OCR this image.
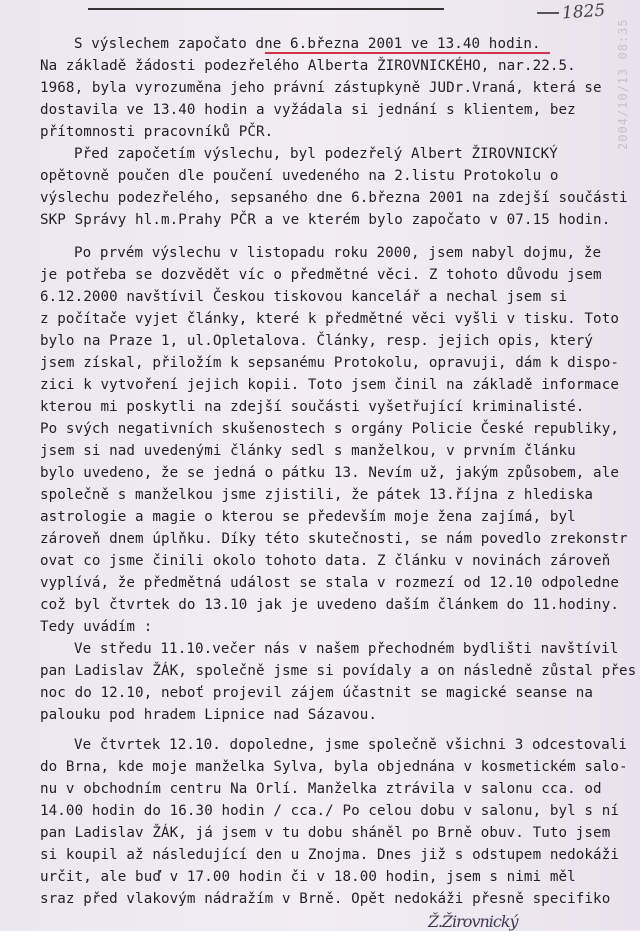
1825
2004/10/13 08:35
S výslechem započato dne 6.března 2001 ve 13.40 hodin.
Na základě žádosti podezřelého Alberta ŽIROVNICKÉHO, nar.22.5.
1968, byla vyrozuměna jeho právní zástupkyně JUDr.Vraná, která se
dostavila ve 13.40 hodin a vyžádala si jednání s klientem, bez
přítomnosti pracovníků PČR.
Před započetím výslechu, byl podezřelý Albert ŽIROVNICKÝ
opětovně poučen dle poučení uvedeného na 2.listu Protokolu o
výslechu podezřelého, sepsaného dne 6.března 2001 na zdejší součásti
SKP Správy hl.m.Prahy PČR a ve kterém bylo započato v 07.15 hodin.
Po prvém výslechu v listopadu roku 2000, jsem nabyl dojmu, že
je potřeba se dozvědět víc o předmětné věci. Z tohoto důvodu jsem
6.12.2000 navštívil Českou tiskovou kancelář a nechal jsem si
z počítače vyjet články, které k předmětné věci vyšli v tisku. Toto
bylo na Praze 1, ul.Opletalova. Články, resp. jejich opis, který
jsem získal, přiložím k sepsanému Protokolu, opravuji, dám k dispo-
zici k vytvoření jejich kopii. Toto jsem činil na základě informace
kterou mi poskytli na zdejší součásti vyšetřující kriminalisté.
Po svých negativních skušenostech s orgány Policie České republiky,
jsem si nad uvedenými články sedl s manželkou, v prvním článku
bylo uvedeno, že se jedná o pátku 13. Nevím už, jakým způsobem, ale
společně s manželkou jsme zjistili, že pátek 13.října z hlediska
astrologie a magie o kterou se především moje žena zajímá, byl
zároveň dnem úplňku. Díky této skutečnosti, se nám povedlo zrekonstr
ovat co jsme činili okolo tohoto data. Z článku v novinách zároveň
vyplívá, že předmětná událost se stala v rozmezí od 12.10 odpoledne
což byl čtvrtek do 13.10 jak je uvedeno daším článkem do 11.hodiny.
Tedy uvádím :
Ve středu 11.10.večer nás v našem přechodném bydlišti navštívil
pan Ladislav ŽÁK, společně jsme si povídaly a on následně zůstal přes
noc do 12.10, neboť projevil zájem účastnit se magické seanse na
palouku pod hradem Lipnice nad Sázavou.
Ve čtvrtek 12.10. dopoledne, jsme společně všichni 3 odcestovali
do Brna, kde moje manželka Sylva, byla objednána v kosmetickém salo-
nu v obchodním centru Na Orlí. Manželka ztrávila v salonu cca. od
14.00 hodin do 16.30 hodin / cca./ Po celou dobu v salonu, byl s ní
pan Ladislav ŽÁK, já jsem v tu dobu sháněl po Brně obuv. Tuto jsem
si koupil až následující den u Znojma. Dnes již s odstupem nedokáži
určit, ale buď v 17.00 hodin či v 18.00 hodin, jsem s nimi měl
sraz před vlakovým nádražím v Brně. Opět nedokáži přesně specifiko
Ž.Žirovnický
